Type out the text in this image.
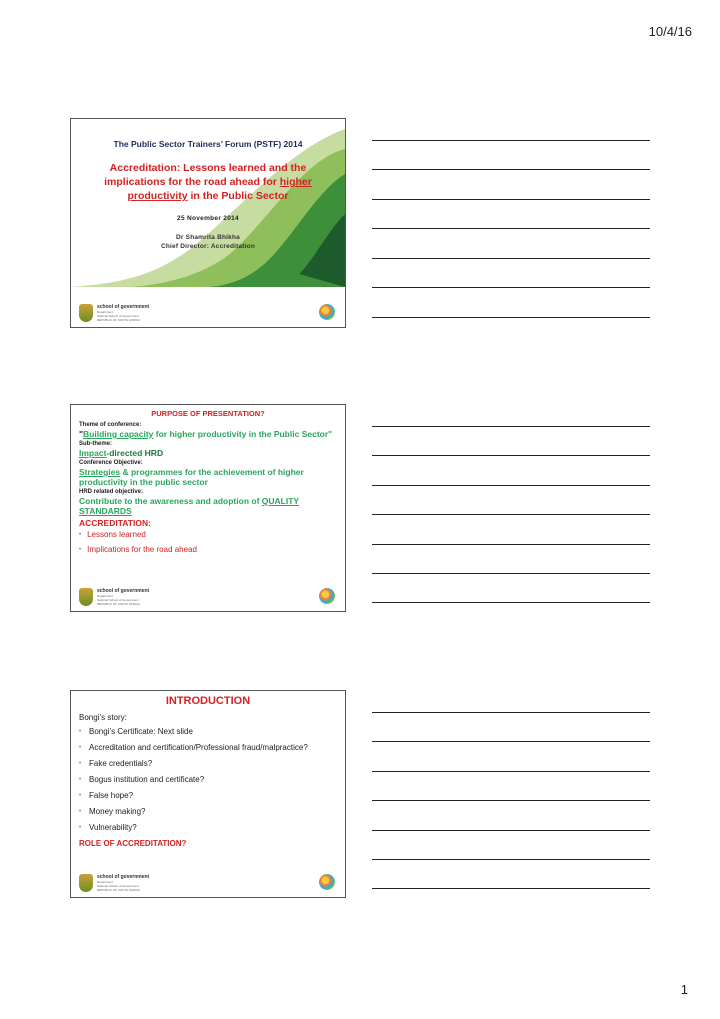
10/4/16
The Public Sector Trainers’ Forum (PSTF) 2014
Accreditation: Lessons learned and the implications for the road ahead for higher
productivity in the Public Sector
25 November 2014
Dr Shamrita Bhikha
Chief Director: Accreditation
school of government
Department:
National School of Government
REPUBLIC OF SOUTH AFRICA
PURPOSE OF PRESENTATION?
Theme of conference:
"Building capacity for higher productivity in the Public Sector"
Sub-theme:
Impact-directed HRD
Conference Objective:
Strategies & programmes for the achievement of higher productivity in the public sector
HRD related objective:
Contribute to the awareness and adoption of QUALITY STANDARDS
ACCREDITATION:
• Lessons learned
• Implications for the road ahead
school of government
Department:
National School of Government
REPUBLIC OF SOUTH AFRICA
INTRODUCTION
Bongi’s story:
• Bongi’s Certificate: Next slide
• Accreditation and certification/Professional fraud/malpractice?
• Fake credentials?
• Bogus institution and certificate?
• False hope?
• Money making?
• Vulnerability?
ROLE OF ACCREDITATION?
school of government
Department:
National School of Government
REPUBLIC OF SOUTH AFRICA
1
